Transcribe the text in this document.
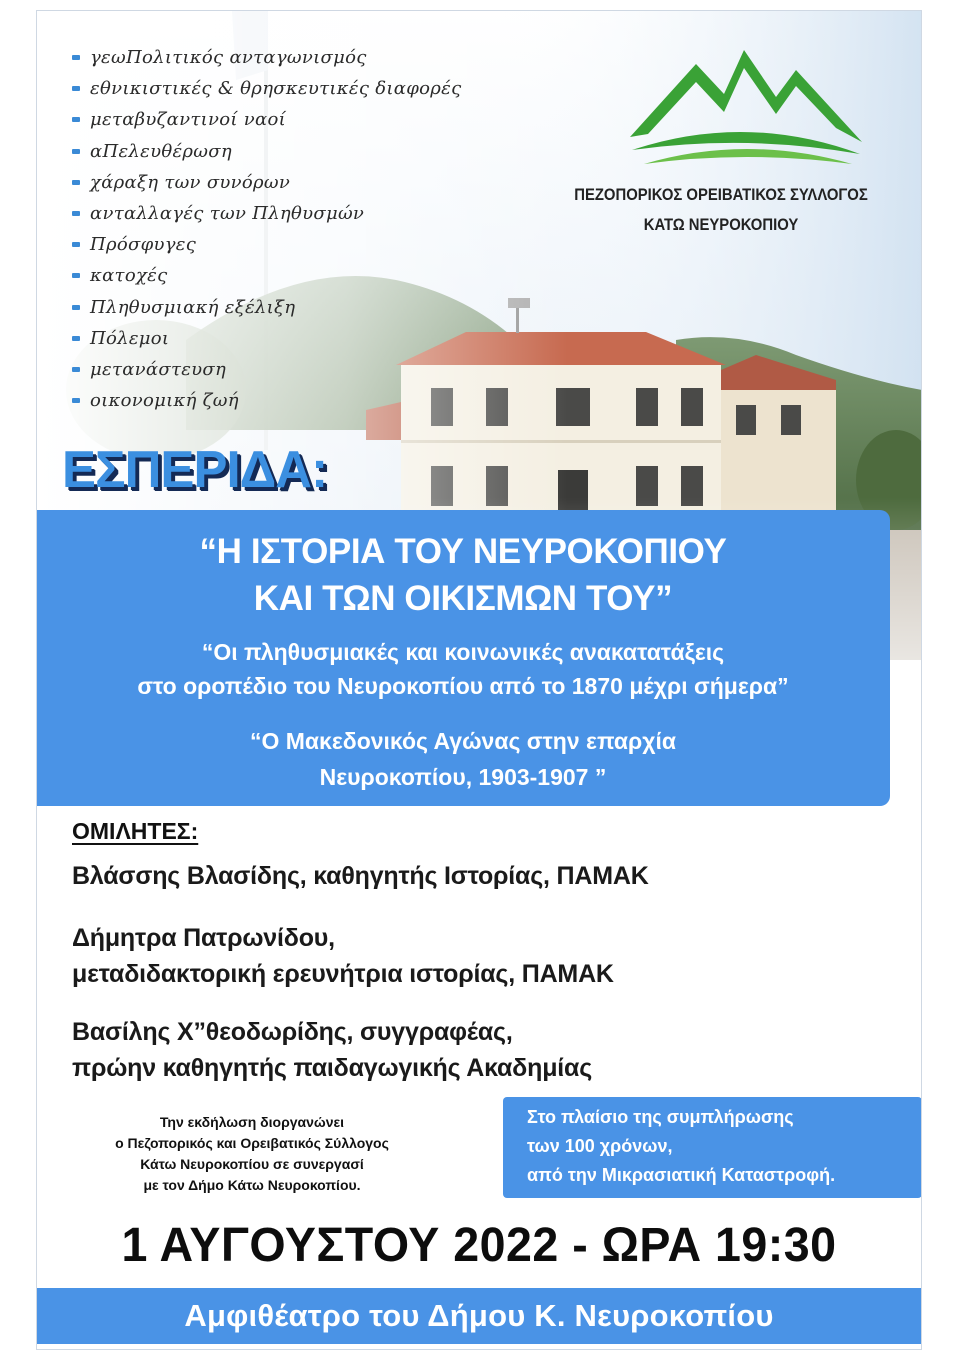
γεωΠολιτικός ανταγωνισμός
εθνικιστικές & θρησκευτικές διαφορές
μεταβυζαντινοί ναοί
αΠελευθέρωση
χάραξη των συνόρων
ανταλλαγές των Πληθυσμών
Πρόσφυγες
κατοχές
Πληθυσμιακή εξέλιξη
Πόλεμοι
μετανάστευση
οικονομική ζωή
ΠΕΖΟΠΟΡΙΚΟΣ ΟΡΕΙΒΑΤΙΚΟΣ ΣΥΛΛΟΓΟΣ
ΚΑΤΩ ΝΕΥΡΟΚΟΠΙΟΥ
ΕΣΠΕΡΙΔΑ:
“Η ΙΣΤΟΡΙΑ ΤΟΥ ΝΕΥΡΟΚΟΠΙΟΥ
ΚΑΙ ΤΩΝ ΟΙΚΙΣΜΩΝ ΤΟΥ”
“Οι πληθυσμιακές και κοινωνικές ανακατατάξεις
στο οροπέδιο του Νευροκοπίου από το 1870 μέχρι σήμερα”
“Ο Μακεδονικός Αγώνας στην επαρχία
Νευροκοπίου, 1903-1907 ”
ΟΜΙΛΗΤΕΣ:
Βλάσσης Βλασίδης, καθηγητής Ιστορίας, ΠΑΜΑΚ
Δήμητρα Πατρωνίδου,
μεταδιδακτορική ερευνήτρια ιστορίας, ΠΑΜΑΚ
Βασίλης Χ”θεοδωρίδης, συγγραφέας,
πρώην καθηγητής παιδαγωγικής Ακαδημίας
Την εκδήλωση διοργανώνει
ο Πεζοπορικός και Ορειβατικός Σύλλογος
Κάτω Νευροκοπίου σε συνεργασί
με τον Δήμο Κάτω Νευροκοπίου.
Στο πλαίσιο της συμπλήρωσης
των 100 χρόνων,
από την Μικρασιατική Καταστροφή.
1 ΑΥΓΟΥΣΤΟΥ 2022 - ΩΡΑ 19:30
Αμφιθέατρο του Δήμου Κ. Νευροκοπίου
